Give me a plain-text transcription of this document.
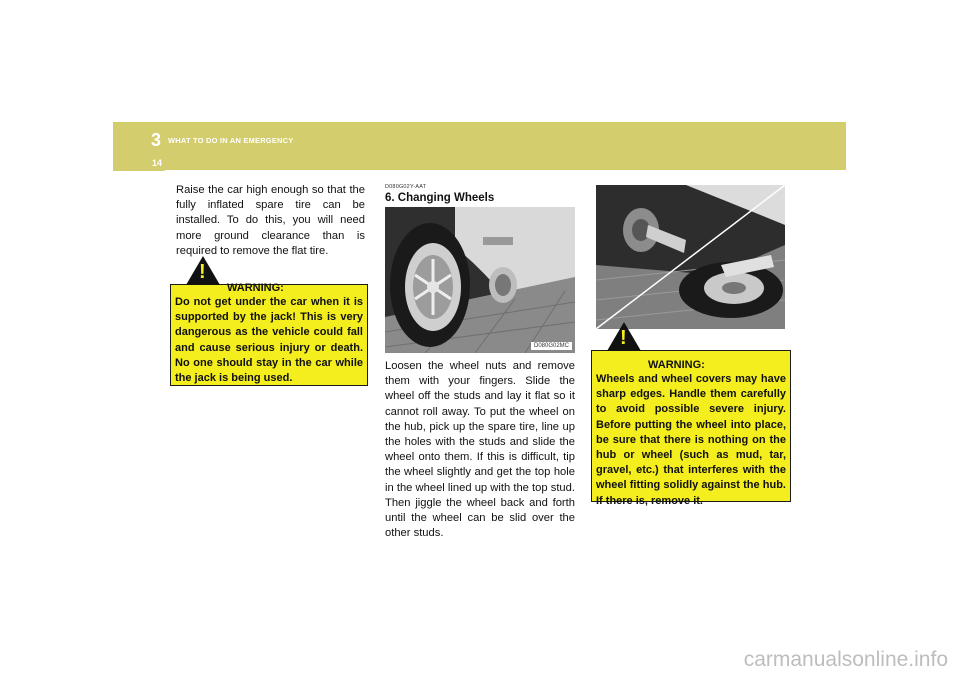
3 WHAT TO DO IN AN EMERGENCY
14
Raise the car high enough so that the fully inflated spare tire can be installed. To do this, you will need more ground clearance than is required to remove the flat tire.
!
WARNING:
Do not get under the car when it is supported by the jack! This is very dangerous as the vehicle could fall and cause serious injury or death. No one should stay in the car while the jack is being used.
D080G02Y-AAT
6. Changing Wheels
D080G02MC
Loosen the wheel nuts and remove them with your fingers. Slide the wheel off the studs and lay it flat so it cannot roll away. To put the wheel on the hub, pick up the spare tire, line up the holes with the studs and slide the wheel onto them. If this is difficult, tip the wheel slightly and get the top hole in the wheel lined up with the top stud. Then jiggle the wheel back and forth until the wheel can be slid over the other studs.
!
WARNING:
Wheels and wheel covers may have sharp edges. Handle them carefully to avoid possible severe injury. Before putting the wheel into place, be sure that there is nothing on the hub or wheel (such as mud, tar, gravel, etc.) that interferes with the wheel fitting solidly against the hub. If there is, remove it.
carmanualsonline.info
